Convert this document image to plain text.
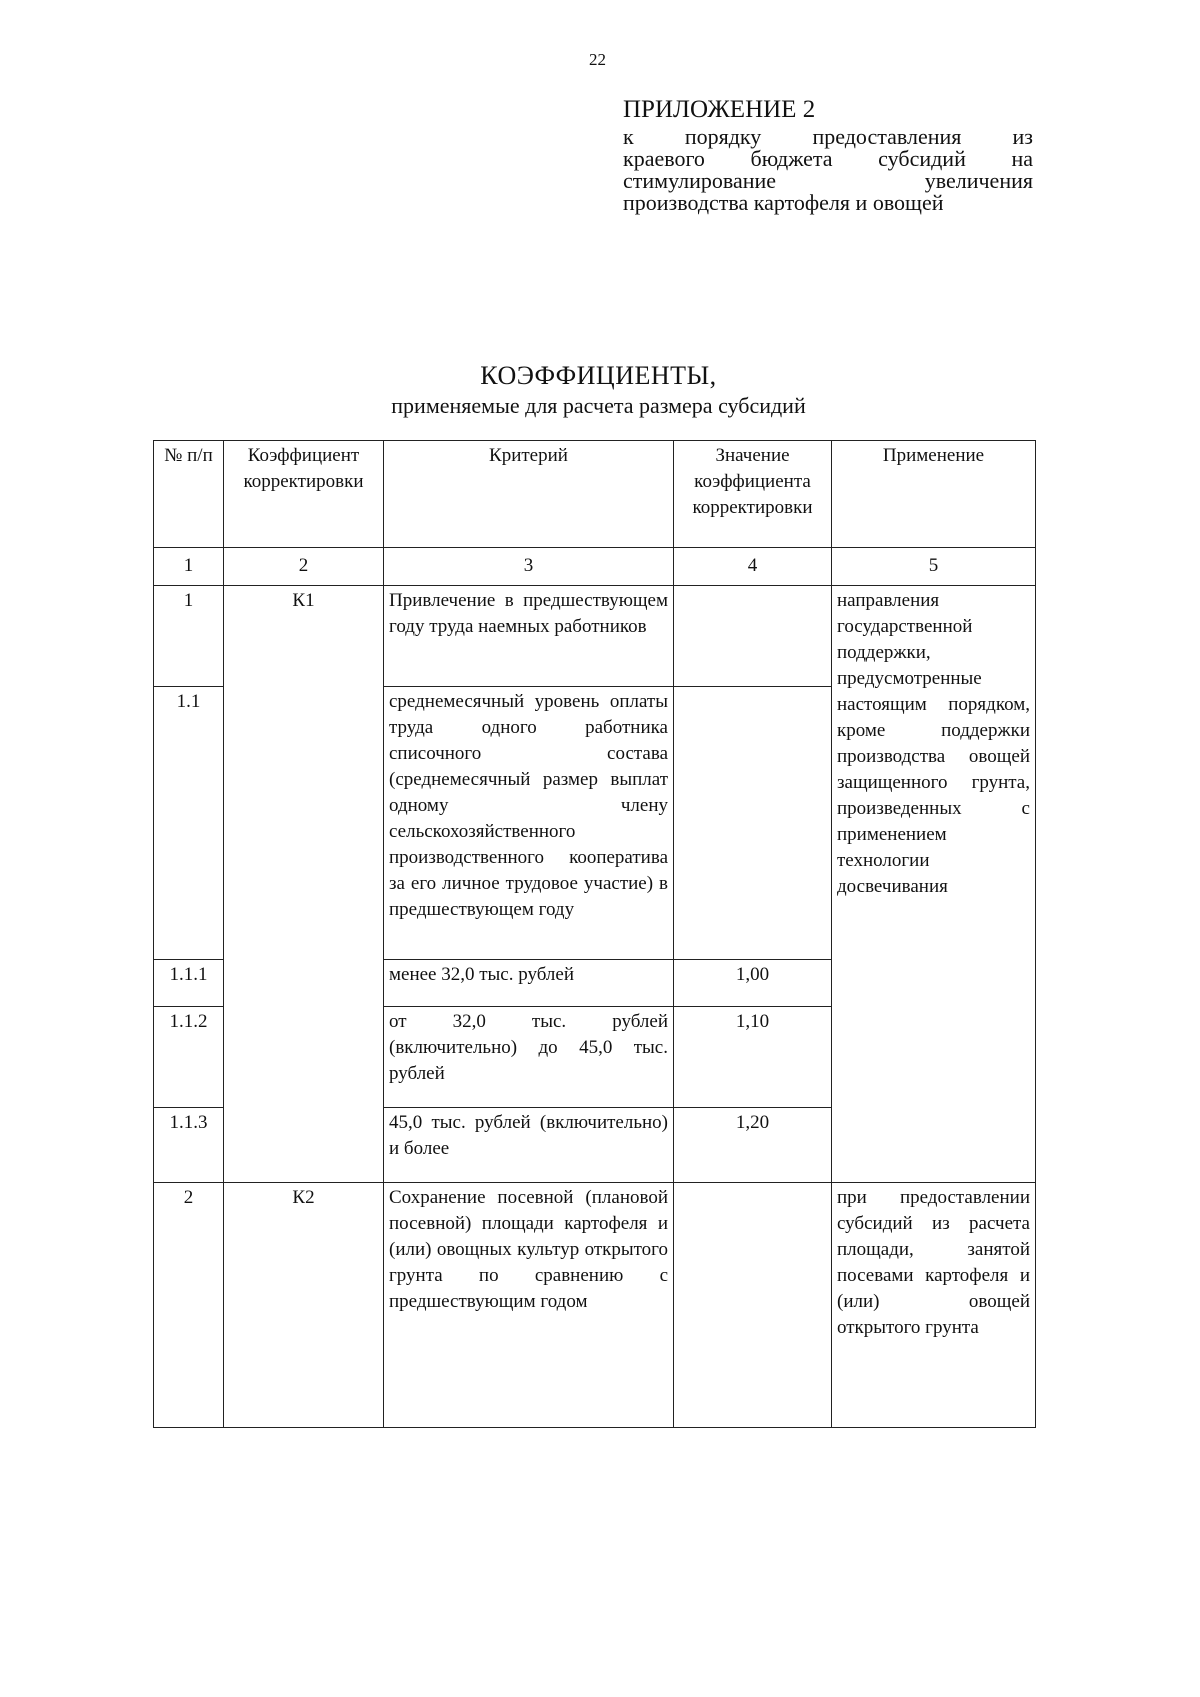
22
ПРИЛОЖЕНИЕ 2
к порядку предоставления из
краевого бюджета субсидий на
стимулирование увеличения
производства картофеля и овощей
КОЭФФИЦИЕНТЫ,
применяемые для расчета размера субсидий
№ п/п	Коэффициент корректировки	Критерий	Значение коэффициента корректировки	Применение
1	2	3	4	5
1	К1	Привлечение в предшествующем году труда наемных работников		направления государственной поддержки, предусмотренные настоящим порядком, кроме поддержки производства овощей защищенного грунта, произведенных с применением технологии досвечивания
1.1		среднемесячный уровень оплаты труда одного работника списочного состава (среднемесячный размер выплат одному члену сельскохозяйственного производственного кооператива за его личное трудовое участие) в предшествующем году		
1.1.1		менее 32,0 тыс. рублей	1,00	
1.1.2		от 32,0 тыс. рублей (включительно) до 45,0 тыс. рублей	1,10	
1.1.3		45,0 тыс. рублей (включительно) и более	1,20	
2	К2	Сохранение посевной (плановой посевной) площади картофеля и (или) овощных культур открытого грунта по сравнению с предшествующим годом		при предоставлении субсидий из расчета площади, занятой посевами картофеля и (или) овощей открытого грунта
